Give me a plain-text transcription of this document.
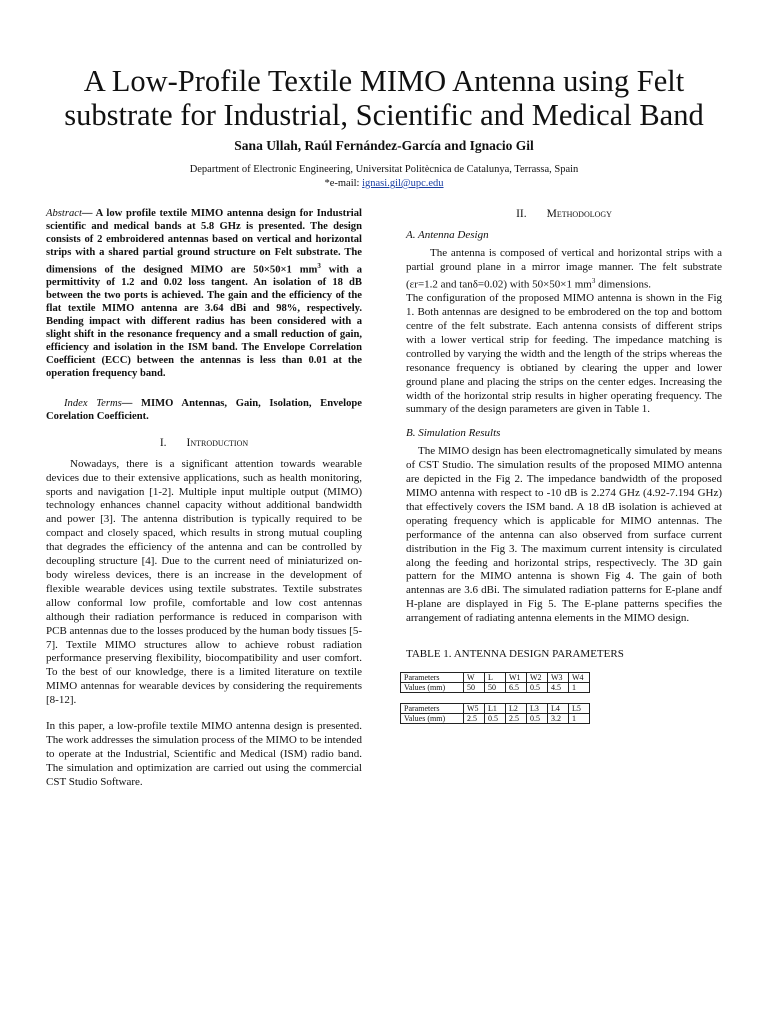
A Low-Profile Textile MIMO Antenna using Felt substrate for Industrial, Scientific and Medical Band
Sana Ullah, Raúl Fernández-García and Ignacio Gil
Department of Electronic Engineering, Universitat Politècnica de Catalunya, Terrassa, Spain
*e-mail: ignasi.gil@upc.edu

Abstract— A low profile textile MIMO antenna design for Industrial scientific and medical bands at 5.8 GHz is presented. The design consists of 2 embroidered antennas based on vertical and horizontal strips with a shared partial ground structure on Felt substrate. The dimensions of the designed MIMO are 50×50×1 $mm^3$ with a permittivity of 1.2 and 0.02 loss tangent. An isolation of 18 dB between the two ports is achieved. The gain and the efficiency of the flat textile MIMO antenna are 3.64 dBi and 98%, respectively. Bending impact with different radius has been considered with a slight shift in the resonance frequency and a small reduction of gain, efficiency and isolation in the ISM band. The Envelope Correlation Coefficient (ECC) between the antennas is less than 0.01 at the operation frequency band.

Index Terms— MIMO Antennas, Gain, Isolation, Envelope Corelation Coefficient.

I. Introduction

Nowadays, there is a significant attention towards wearable devices due to their extensive applications, such as health monitoring, sports and navigation [1-2]. Multiple input multiple output (MIMO) technology enhances channel capacity without additional bandwidth and power [3]. The antenna distribution is typically required to be compact and closely spaced, which results in strong mutual coupling that degrades the efficiency of the antenna and can be controlled by decoupling structure [4]. Due to the current need of miniaturized on-body wireless devices, there is an increase in the development of flexible wearable devices using textile substrates. Textile substrates allow conformal low profile, comfortable and low cost antennas although their radiation performance is reduced in comparison with PCB antennas due to the losses produced by the human body tissues [5-7]. Textile MIMO structures allow to achieve robust radiation performance preserving flexibility, biocompatibility and user comfort. To the best of our knowledge, there is a limited literature on textile MIMO antennas for wearable devices by considering the requirements [8-12].

In this paper, a low-profile textile MIMO antenna design is presented. The work addresses the simulation process of the MIMO to be intended to operate at the Industrial, Scientific and Medical (ISM) radio band. The simulation and optimization are carried out using the commercial CST Studio Software.

II. Methodology

A. Antenna Design

The antenna is composed of vertical and horizontal strips with a partial ground plane in a mirror image manner. The felt substrate (εr=1.2 and tanδ=0.02) with 50×50×1 $mm^3$ dimensions.

The configuration of the proposed MIMO antenna is shown in the Fig 1. Both antennas are designed to be embrodered on the top and bottom centre of the felt substrate. Each antenna consists of different strips with a lower vertical strip for feeding. The impedance matching is controlled by varying the width and the length of the strips whereas the resonance frequency is obtianed by clearing the upper and lower ground plane and placing the strips on the center edges. Increasing the width of the horizontal strip results in higher operating frequency. The summary of the design parameters are given in Table 1.

B. Simulation Results

The MIMO design has been electromagnetically simulated by means of CST Studio. The simulation results of the proposed MIMO antenna are depicted in the Fig 2. The impedance bandwidth of the proposed MIMO antenna with respect to -10 dB is 2.274 GHz (4.92-7.194 GHz) that effectively covers the ISM band. A 18 dB isolation is achieved at operating frequency which is applicable for MIMO antennas. The performance of the antenna can also observed from surface current distribution in the Fig 3. The maximum current intensity is circulated along the feeding and horizontal strips, respectivecly. The 3D gain pattern for the MIMO antenna is shown Fig 4. The gain of both antennas are 3.6 dBi. The simulated radiation patterns for E-plane andf H-plane are displayed in Fig 5. The E-plane patterns specifies the arrangement of radiating antenna elements in the MIMO design.

TABLE 1. ANTENNA DESIGN PARAMETERS

Parameters	W	L	W1	W2	W3	W4
Values (mm)	50	50	6.5	0.5	4.5	1
Parameters	W5	L1	L2	L3	L4	L5
Values (mm)	2.5	0.5	2.5	0.5	3.2	1
